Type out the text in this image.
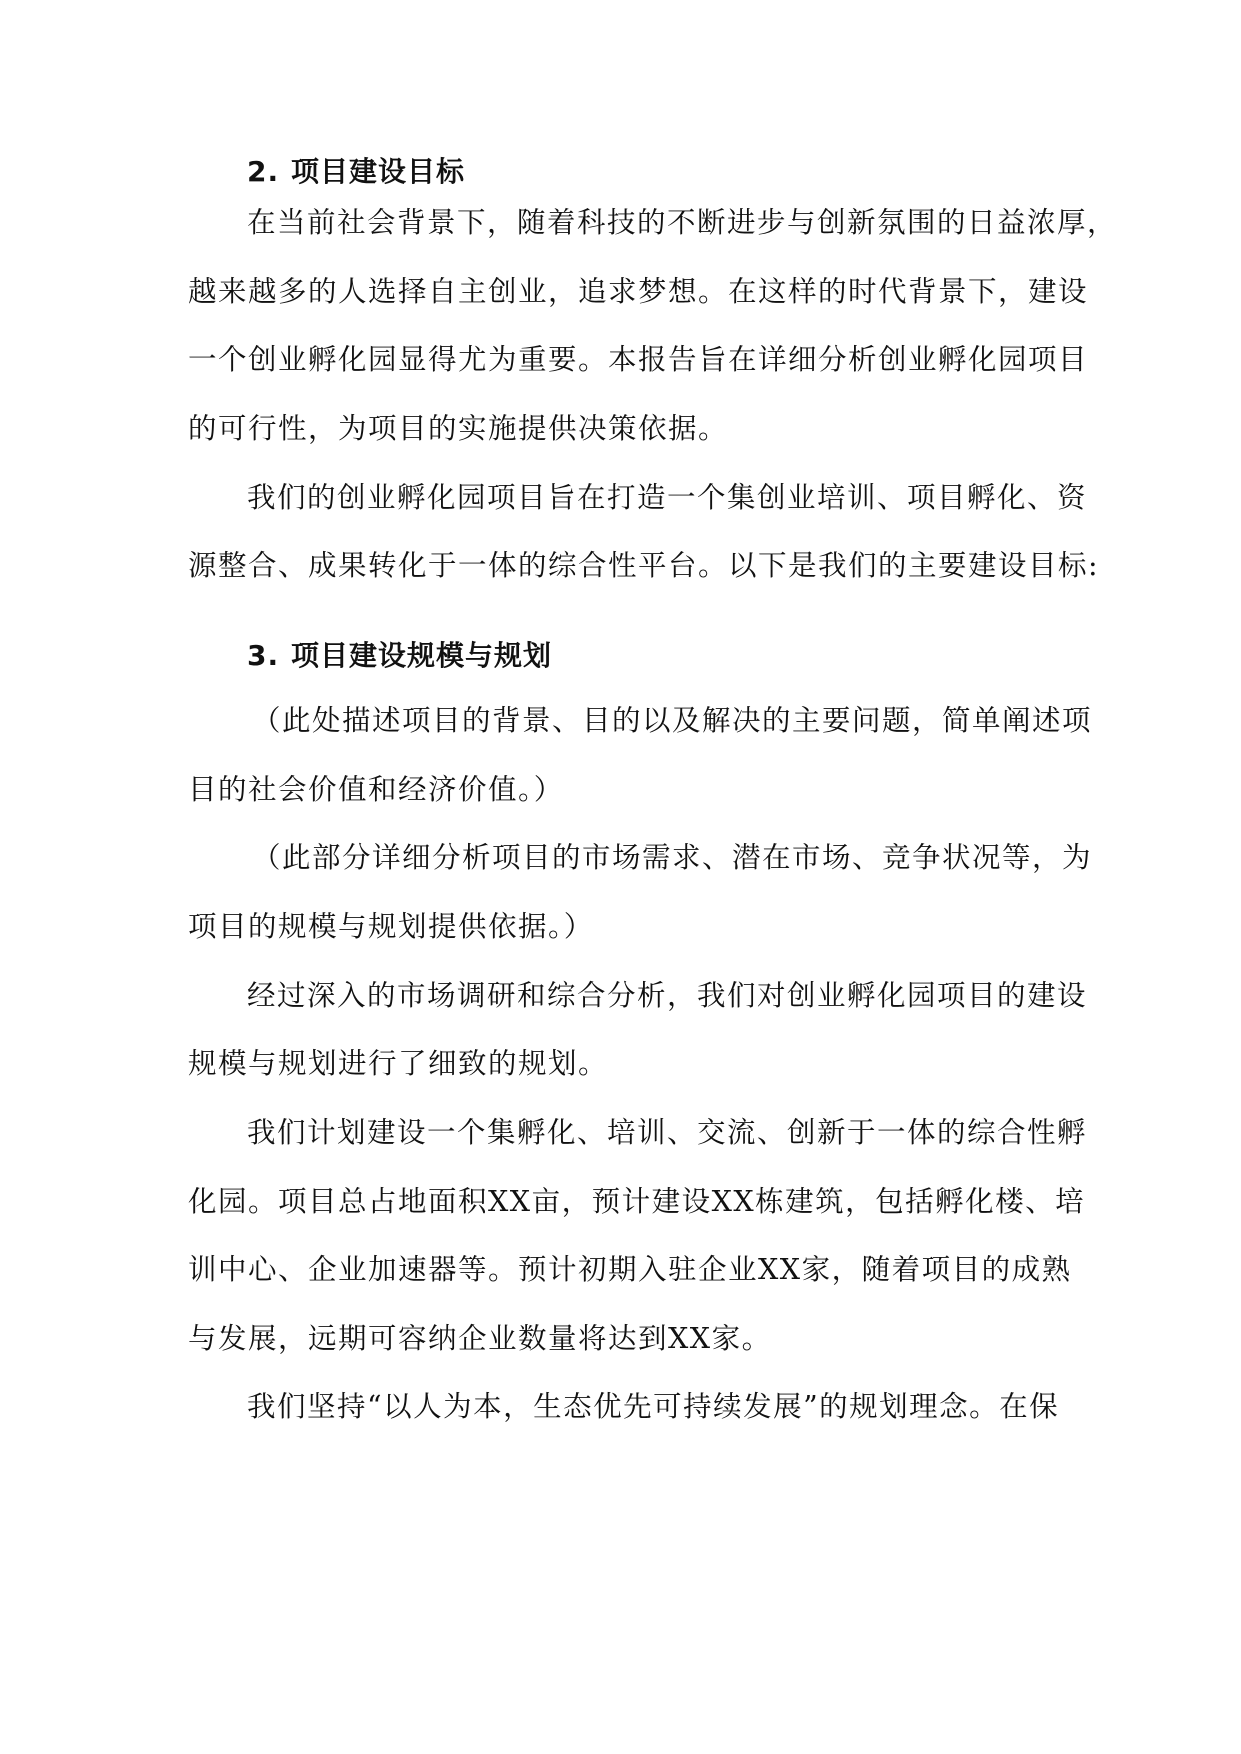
2. 项目建设目标
在当前社会背景下，随着科技的不断进步与创新氛围的日益浓厚，
越来越多的人选择自主创业，追求梦想。在这样的时代背景下，建设
一个创业孵化园显得尤为重要。本报告旨在详细分析创业孵化园项目
的可行性，为项目的实施提供决策依据。
我们的创业孵化园项目旨在打造一个集创业培训、项目孵化、资
源整合、成果转化于一体的综合性平台。以下是我们的主要建设目标:
3. 项目建设规模与规划
（此处描述项目的背景、目的以及解决的主要问题，简单阐述项
目的社会价值和经济价值。）
（此部分详细分析项目的市场需求、潜在市场、竞争状况等，为
项目的规模与规划提供依据。）
经过深入的市场调研和综合分析，我们对创业孵化园项目的建设
规模与规划进行了细致的规划。
我们计划建设一个集孵化、培训、交流、创新于一体的综合性孵
化园。项目总占地面积XX亩，预计建设XX栋建筑，包括孵化楼、培
训中心、企业加速器等。预计初期入驻企业XX家，随着项目的成熟
与发展，远期可容纳企业数量将达到XX家。
我们坚持“以人为本，生态优先可持续发展”的规划理念。在保
